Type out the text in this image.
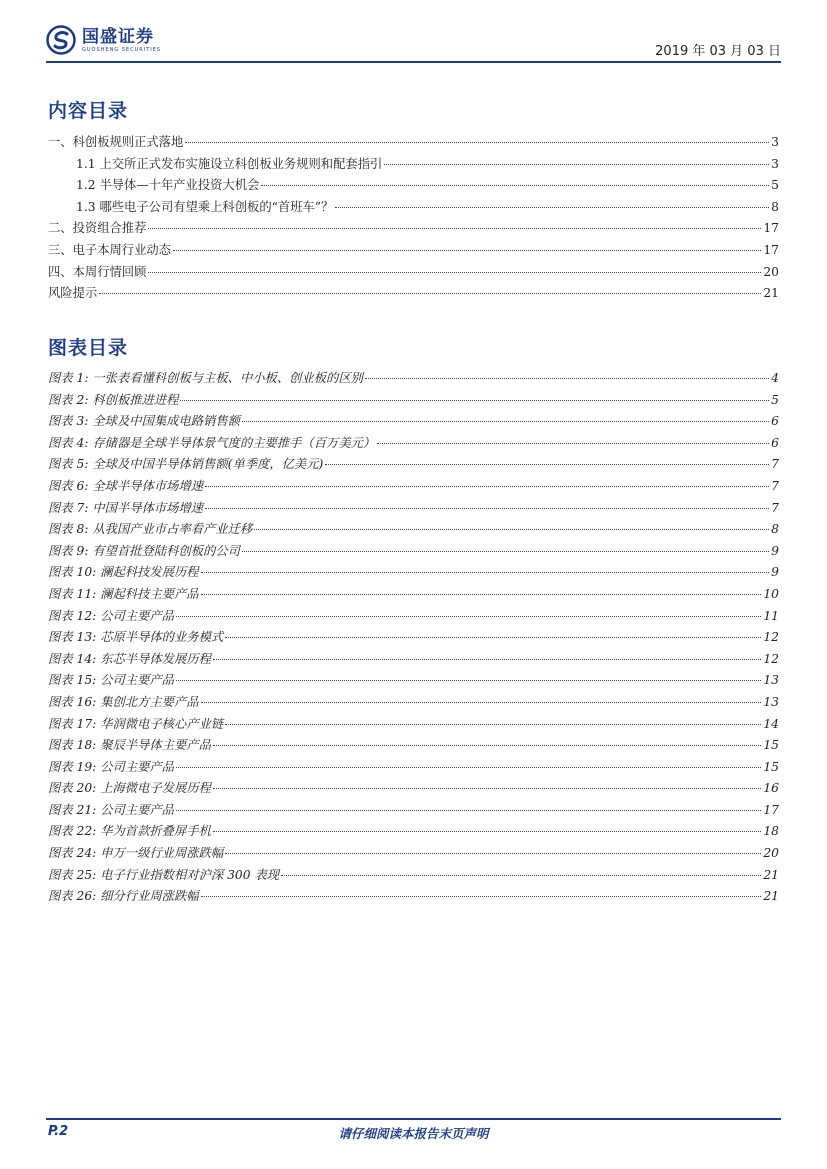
国盛证券
GUOSHENG SECURITIES	2019 年 03 月 03 日
内容目录
一、科创板规则正式落地	3
1.1 上交所正式发布实施设立科创板业务规则和配套指引	3
1.2 半导体—十年产业投资大机会	5
1.3 哪些电子公司有望乘上科创板的“首班车”？	8
二、投资组合推荐	17
三、电子本周行业动态	17
四、本周行情回顾	20
风险提示	21
图表目录
图表 1: 一张表看懂科创板与主板、中小板、创业板的区别	4
图表 2: 科创板推进进程	5
图表 3: 全球及中国集成电路销售额	6
图表 4: 存储器是全球半导体景气度的主要推手（百万美元）	6
图表 5: 全球及中国半导体销售额(单季度，亿美元)	7
图表 6: 全球半导体市场增速	7
图表 7: 中国半导体市场增速	7
图表 8: 从我国产业市占率看产业迁移	8
图表 9: 有望首批登陆科创板的公司	9
图表 10: 澜起科技发展历程	9
图表 11: 澜起科技主要产品	10
图表 12: 公司主要产品	11
图表 13: 芯原半导体的业务模式	12
图表 14: 东芯半导体发展历程	12
图表 15: 公司主要产品	13
图表 16: 集创北方主要产品	13
图表 17: 华润微电子核心产业链	14
图表 18: 聚辰半导体主要产品	15
图表 19: 公司主要产品	15
图表 20: 上海微电子发展历程	16
图表 21: 公司主要产品	17
图表 22: 华为首款折叠屏手机	18
图表 24: 申万一级行业周涨跌幅	20
图表 25: 电子行业指数相对沪深 300 表现	21
图表 26: 细分行业周涨跌幅	21
P.2	请仔细阅读本报告末页声明
